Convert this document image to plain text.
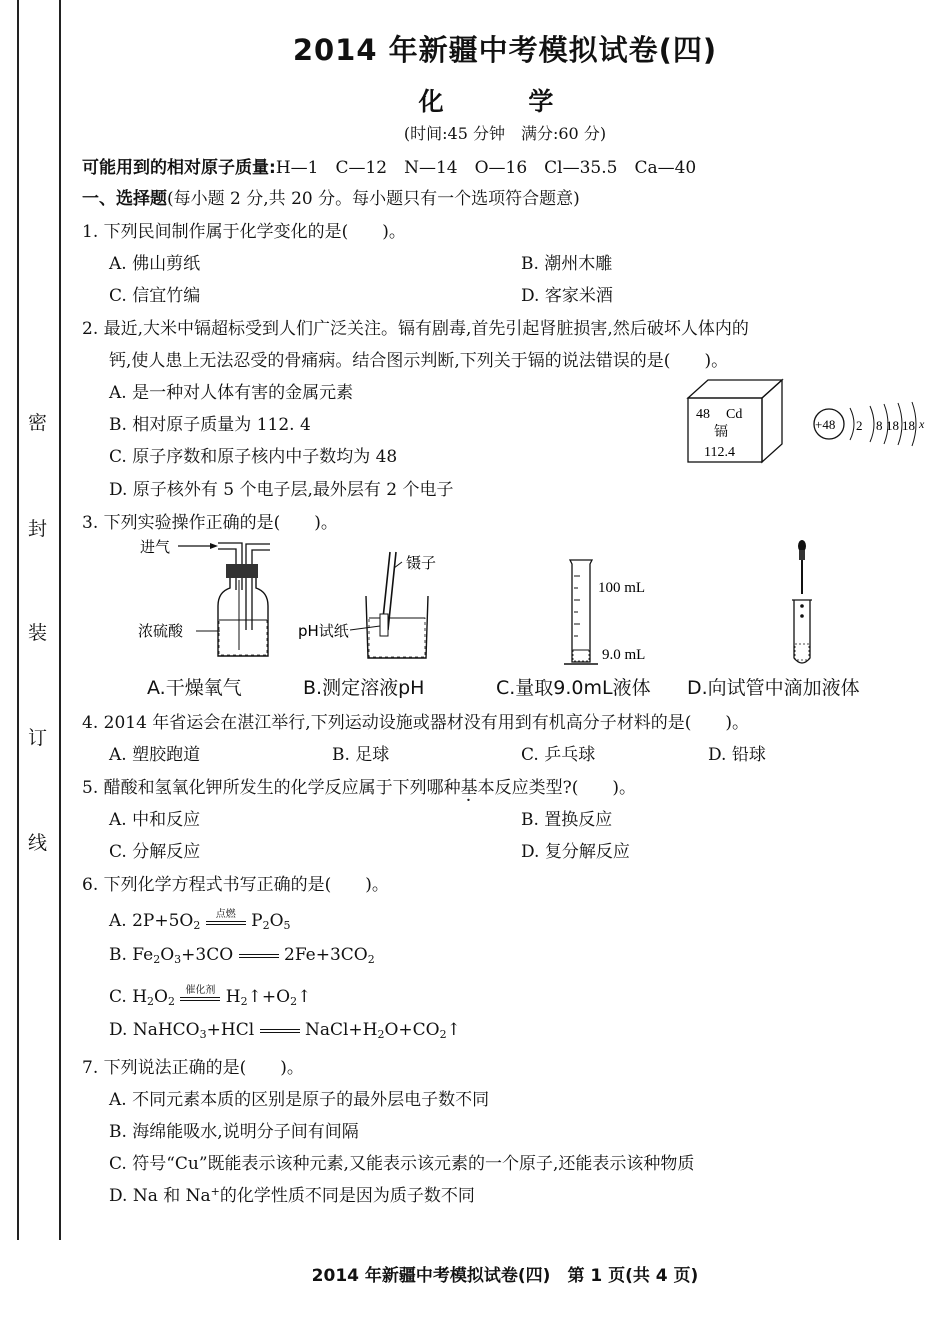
密
封
装
订
线
2014 年新疆中考模拟试卷(四)
化 学
(时间:45 分钟　满分:60 分)
可能用到的相对原子质量:H—1　C—12　N—14　O—16　Cl—35.5　Ca—40
一、选择题(每小题 2 分,共 20 分。每小题只有一个选项符合题意)
1. 下列民间制作属于化学变化的是(　　)。
A. 佛山剪纸	B. 潮州木雕
C. 信宜竹编	D. 客家米酒
2. 最近,大米中镉超标受到人们广泛关注。镉有剧毒,首先引起肾脏损害,然后破坏人体内的
钙,使人患上无法忍受的骨痛病。结合图示判断,下列关于镉的说法错误的是(　　)。
A. 是一种对人体有害的金属元素
B. 相对原子质量为 112. 4
C. 原子序数和原子核内中子数均为 48
D. 原子核外有 5 个电子层,最外层有 2 个电子
48 Cd
镉
112.4
+48 2 8 18 18 x
3. 下列实验操作正确的是(　　)。
进气
浓硫酸
镊子
pH试纸
100 mL
9.0 mL
A.干燥氧气	B.测定溶液pH	C.量取9.0mL液体 D.向试管中滴加液体
4. 2014 年省运会在湛江举行,下列运动设施或器材没有用到有机高分子材料的是(　　)。
A. 塑胶跑道	B. 足球	C. 乒乓球	D. 铅球
5. 醋酸和氢氧化钾所发生的化学反应属于下列哪种基本反应类型?(　　)。
A. 中和反应	B. 置换反应
C. 分解反应	D. 复分解反应
6. 下列化学方程式书写正确的是(　　)。
A. $2P+5O_2$
点燃 $P_2O_5$
B. $Fe_2O_3+3CO$  $2Fe+3CO_2$
C. $H_2O_2$
催化剂 $H_2↑+O_2↑$
D. NaHCO$_3$+HCl  $NaCl+H_2O+CO_2↑$
7. 下列说法正确的是(　　)。
A. 不同元素本质的区别是原子的最外层电子数不同
B. 海绵能吸水,说明分子间有间隔
C. 符号“Cu”既能表示该种元素,又能表示该元素的一个原子,还能表示该种物质
D. Na 和 Na+的化学性质不同是因为质子数不同
2014 年新疆中考模拟试卷(四)　第 1 页(共 4 页)
